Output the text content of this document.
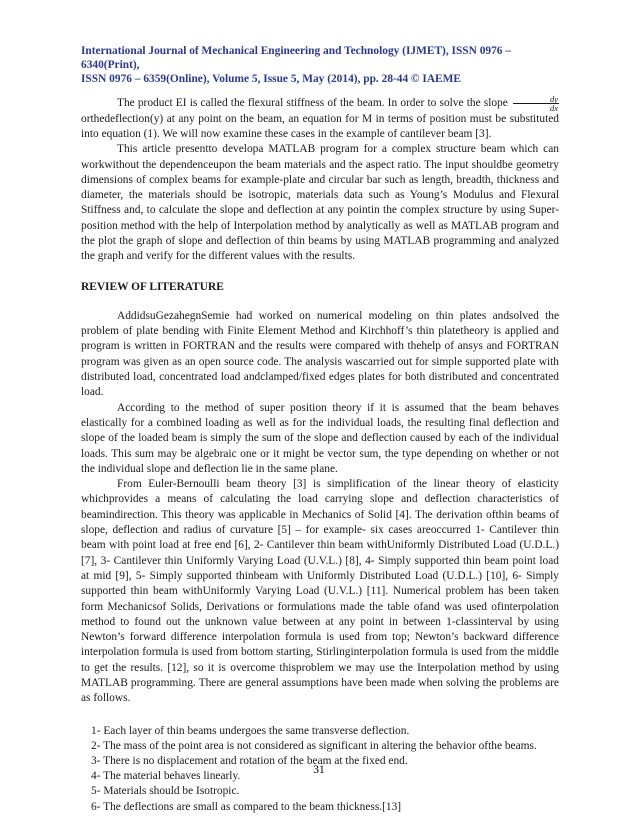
International Journal of Mechanical Engineering and Technology (IJMET), ISSN 0976 – 6340(Print),
ISSN 0976 – 6359(Online), Volume 5, Issue 5, May (2014), pp. 28-44 © IAEME

The product EI is called the flexural stiffness of the beam. In order to solve the slope $\frac{dy}{dx}$
orthedeflection(y) at any point on the beam, an equation for M in terms of position must be substituted into equation (1). We will now examine these cases in the example of cantilever beam [3].

This article presentto developa MATLAB program for a complex structure beam which can workwithout the dependenceupon the beam materials and the aspect ratio. The input shouldbe geometry dimensions of complex beams for example-plate and circular bar such as length, breadth, thickness and diameter, the materials should be isotropic, materials data such as Young’s Modulus and Flexural Stiffness and, to calculate the slope and deflection at any pointin the complex structure by using Super-position method with the help of Interpolation method by analytically as well as MATLAB program and the plot the graph of slope and deflection of thin beams by using MATLAB programming and analyzed the graph and verify for the different values with the results.

REVIEW OF LITERATURE

AddidsuGezahegnSemie had worked on numerical modeling on thin plates andsolved the problem of plate bending with Finite Element Method and Kirchhoff’s thin platetheory is applied and program is written in FORTRAN and the results were compared with thehelp of ansys and FORTRAN program was given as an open source code. The analysis wascarried out for simple supported plate with distributed load, concentrated load andclamped/fixed edges plates for both distributed and concentrated load.

According to the method of super position theory if it is assumed that the beam behaves elastically for a combined loading as well as for the individual loads, the resulting final deflection and slope of the loaded beam is simply the sum of the slope and deflection caused by each of the individual loads. This sum may be algebraic one or it might be vector sum, the type depending on whether or not the individual slope and deflection lie in the same plane.

From Euler-Bernoulli beam theory [3] is simplification of the linear theory of elasticity whichprovides a means of calculating the load carrying slope and deflection characteristics of beamindirection. This theory was applicable in Mechanics of Solid [4]. The derivation ofthin beams of slope, deflection and radius of curvature [5] – for example- six cases areoccurred 1- Cantilever thin beam with point load at free end [6], 2- Cantilever thin beam withUniformly Distributed Load (U.D.L.) [7], 3- Cantilever thin Uniformly Varying Load (U.V.L.) [8], 4- Simply supported thin beam point load at mid [9], 5- Simply supported thinbeam with Uniformly Distributed Load (U.D.L.) [10], 6- Simply supported thin beam withUniformly Varying Load (U.V.L.) [11]. Numerical problem has been taken form Mechanicsof Solids, Derivations or formulations made the table ofand was used ofinterpolation method to found out the unknown value between at any point in between 1-classinterval by using Newton’s forward difference interpolation formula is used from top; Newton’s backward difference interpolation formula is used from bottom starting, Stirlinginterpolation formula is used from the middle to get the results. [12], so it is overcome thisproblem we may use the Interpolation method by using MATLAB programming. There are general assumptions have been made when solving the problems are as follows.

1- Each layer of thin beams undergoes the same transverse deflection.
2- The mass of the point area is not considered as significant in altering the behavior ofthe beams.
3- There is no displacement and rotation of the beam at the fixed end.
4- The material behaves linearly.
5- Materials should be Isotropic.
6- The deflections are small as compared to the beam thickness.[13]
31
